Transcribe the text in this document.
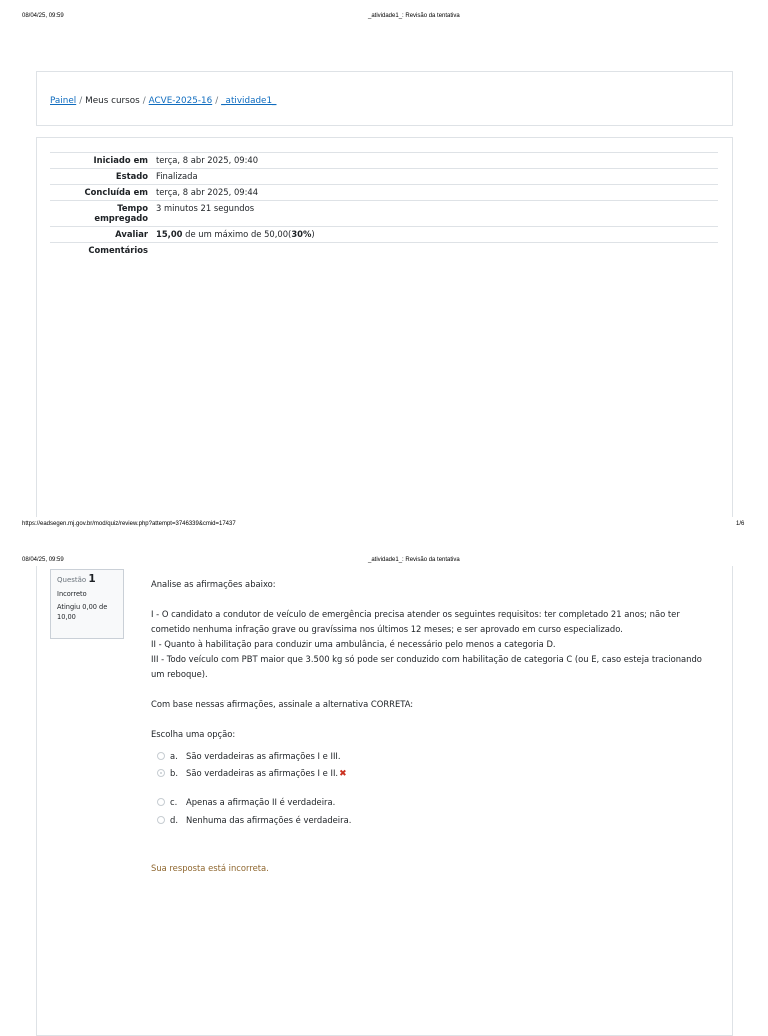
08/04/25, 09:59	_atividade1_: Revisão da tentativa
Painel / Meus cursos / ACVE-2025-16 / _atividade1_
Iniciado em	terça, 8 abr 2025, 09:40
Estado	Finalizada
Concluída em	terça, 8 abr 2025, 09:44
Tempo
empregado	3 minutos 21 segundos
Avaliar	15,00 de um máximo de 50,00(30%)
Comentários	
https://eadsegen.mj.gov.br/mod/quiz/review.php?attempt=3746339&cmid=17437	1/6
08/04/25, 09:59	_atividade1_: Revisão da tentativa
Questão 1
Incorreto
Atingiu 0,00 de
10,00

Analise as afirmações abaixo:

I - O candidato a condutor de veículo de emergência precisa atender os seguintes requisitos: ter completado 21 anos; não ter cometido nenhuma infração grave ou gravíssima nos últimos 12 meses; e ser aprovado em curso especializado.

II - Quanto à habilitação para conduzir uma ambulância, é necessário pelo menos a categoria D.

III - Todo veículo com PBT maior que 3.500 kg só pode ser conduzido com habilitação de categoria C (ou E, caso esteja tracionando um reboque).

Com base nessas afirmações, assinale a alternativa CORRETA:

Escolha uma opção:

a. São verdadeiras as afirmações I e III.
b. São verdadeiras as afirmações I e II.✖
c. Apenas a afirmação II é verdadeira.
d. Nenhuma das afirmações é verdadeira.
Sua resposta está incorreta.
